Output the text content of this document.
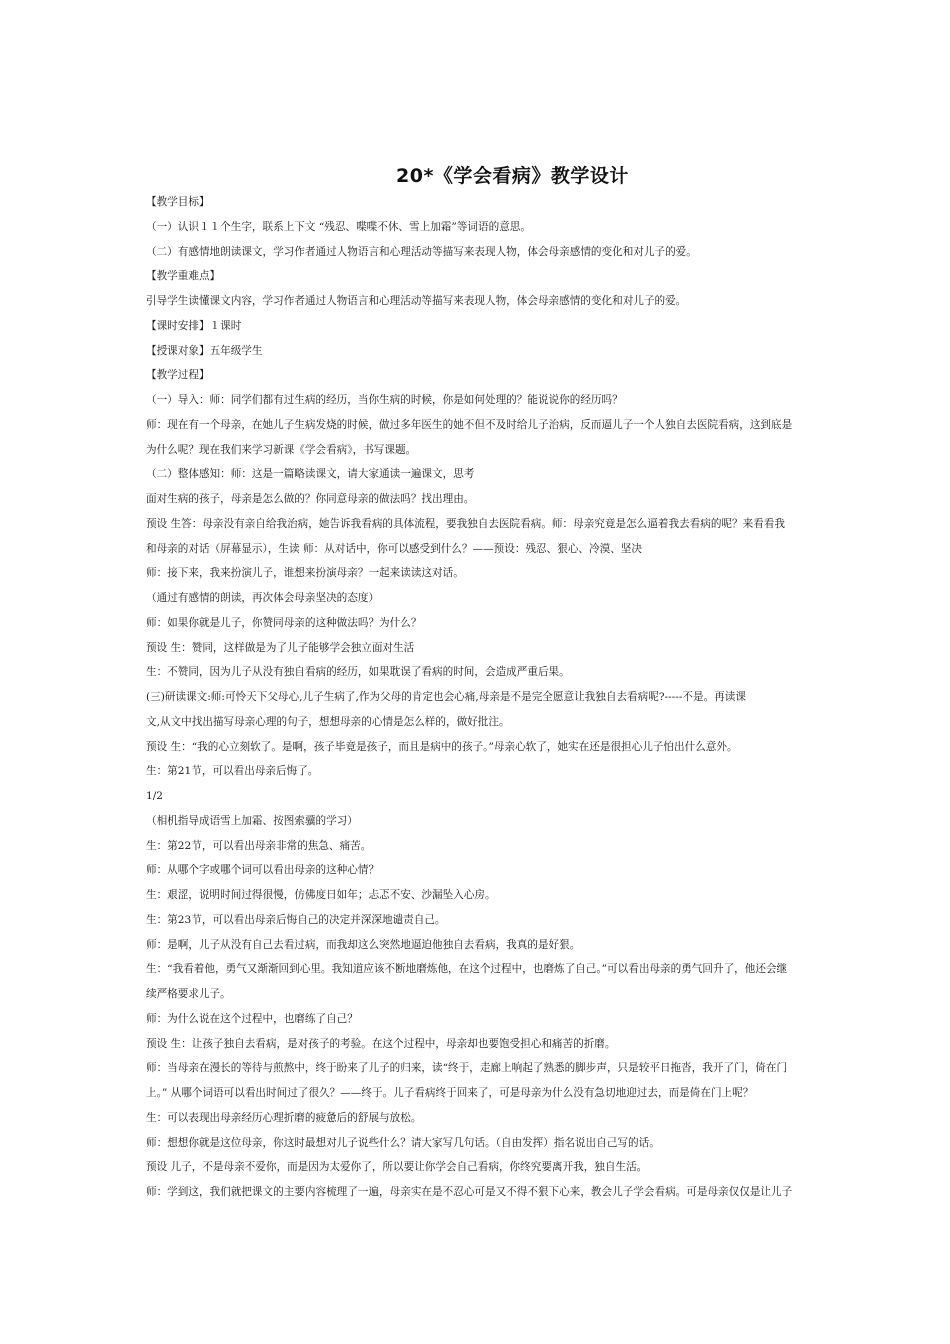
20*《学会看病》教学设计
【教学目标】
（一）认识１１个生字，联系上下文 “残忍、喋喋不休、雪上加霜”等词语的意思。
（二）有感情地朗读课文，学习作者通过人物语言和心理活动等描写来表现人物，体会母亲感情的变化和对儿子的爱。
【教学重难点】
引导学生读懂课文内容，学习作者通过人物语言和心理活动等描写来表现人物，体会母亲感情的变化和对儿子的爱。
【课时安排】１课时
【授课对象】五年级学生
【教学过程】
（一）导入：师：同学们都有过生病的经历，当你生病的时候，你是如何处理的？能说说你的经历吗？
师：现在有一个母亲，在她儿子生病发烧的时候，做过多年医生的她不但不及时给儿子治病，反而逼儿子一个人独自去医院看病，这到底是
为什么呢？现在我们来学习新课《学会看病》，书写课题。
（二）整体感知：师：这是一篇略读课文，请大家通读一遍课文，思考
面对生病的孩子，母亲是怎么做的？你同意母亲的做法吗？找出理由。
预设 生答：母亲没有亲自给我治病，她告诉我看病的具体流程，要我独自去医院看病。师：母亲究竟是怎么逼着我去看病的呢？来看看我
和母亲的对话（屏幕显示），生读 师：从对话中，你可以感受到什么？——预设：残忍、狠心、冷漠、坚决
师：接下来，我来扮演儿子，谁想来扮演母亲？一起来读读这对话。
（通过有感情的朗读，再次体会母亲坚决的态度）
师：如果你就是儿子，你赞同母亲的这种做法吗？为什么？
预设 生：赞同，这样做是为了儿子能够学会独立面对生活
生：不赞同，因为儿子从没有独自看病的经历，如果耽误了看病的时间，会造成严重后果。
(三)研读课文:师:可怜天下父母心,儿子生病了,作为父母的肯定也会心痛,母亲是不是完全愿意让我独自去看病呢?-----不是。再读课
文,从文中找出描写母亲心理的句子，想想母亲的心情是怎么样的，做好批注。
预设 生：“我的心立刻软了。是啊，孩子毕竟是孩子，而且是病中的孩子。”母亲心软了，她实在还是很担心儿子怕出什么意外。
生：第21节，可以看出母亲后悔了。
1/2
（相机指导成语雪上加霜、按图索骥的学习）
生：第22节，可以看出母亲非常的焦急、痛苦。
师：从哪个字或哪个词可以看出母亲的这种心情？
生：艰涩，说明时间过得很慢，仿佛度日如年；忐忑不安、沙漏坠入心房。
生：第23节，可以看出母亲后悔自己的决定并深深地谴责自己。
师：是啊，儿子从没有自己去看过病，而我却这么突然地逼迫他独自去看病，我真的是好狠。
生：“我看着他，勇气又渐渐回到心里。我知道应该不断地磨炼他，在这个过程中，也磨炼了自己。”可以看出母亲的勇气回升了，他还会继
续严格要求儿子。
师：为什么说在这个过程中，也磨练了自己？
预设 生：让孩子独自去看病，是对孩子的考验。在这个过程中，母亲却也要饱受担心和痛苦的折磨。
师：当母亲在漫长的等待与煎熬中，终于盼来了儿子的归来，读“终于，走廊上响起了熟悉的脚步声，只是较平日拖沓，我开了门，倚在门
上。” 从哪个词语可以看出时间过了很久？——终于。儿子看病终于回来了，可是母亲为什么没有急切地迎过去，而是倚在门上呢？
生：可以表现出母亲经历心理折磨的疲惫后的舒展与放松。
师：想想你就是这位母亲，你这时最想对儿子说些什么？请大家写几句话。（自由发挥）指名说出自己写的话。
预设 儿子，不是母亲不爱你，而是因为太爱你了，所以要让你学会自己看病，你终究要离开我，独自生活。
师：学到这，我们就把课文的主要内容梳理了一遍，母亲实在是不忍心可是又不得不狠下心来，教会儿子学会看病。可是母亲仅仅是让儿子
